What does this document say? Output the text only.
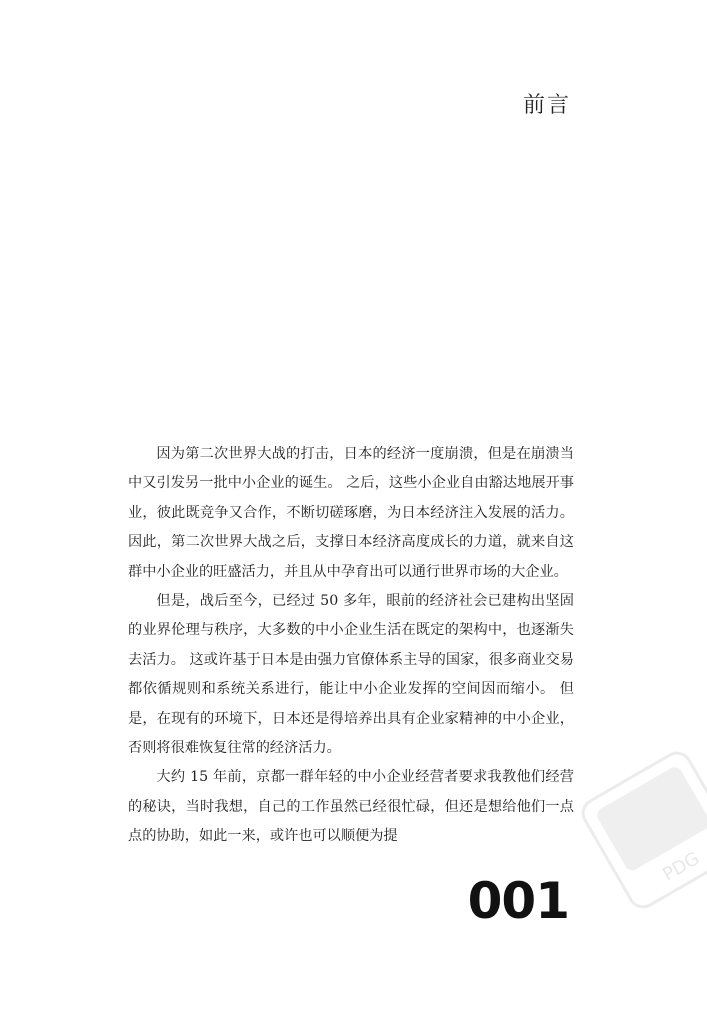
前言

因为第二次世界大战的打击，日本的经济一度崩溃，但是在崩溃当中又引发另一批中小企业的诞生。 之后，这些小企业自由豁达地展开事业，彼此既竞争又合作，不断切磋琢磨，为日本经济注入发展的活力。 因此，第二次世界大战之后，支撑日本经济高度成长的力道，就来自这群中小企业的旺盛活力，并且从中孕育出可以通行世界市场的大企业。

但是，战后至今，已经过 50 多年，眼前的经济社会已建构出坚固的业界伦理与秩序，大多数的中小企业生活在既定的架构中，也逐渐失去活力。 这或许基于日本是由强力官僚体系主导的国家，很多商业交易都依循规则和系统关系进行，能让中小企业发挥的空间因而缩小。 但是，在现有的环境下，日本还是得培养出具有企业家精神的中小企业，否则将很难恢复往常的经济活力。

大约 15 年前，京都一群年轻的中小企业经营者要求我教他们经营的秘诀，当时我想，自己的工作虽然已经很忙碌，但还是想给他们一点点的协助，如此一来，或许也可以顺便为提

001
PDG
